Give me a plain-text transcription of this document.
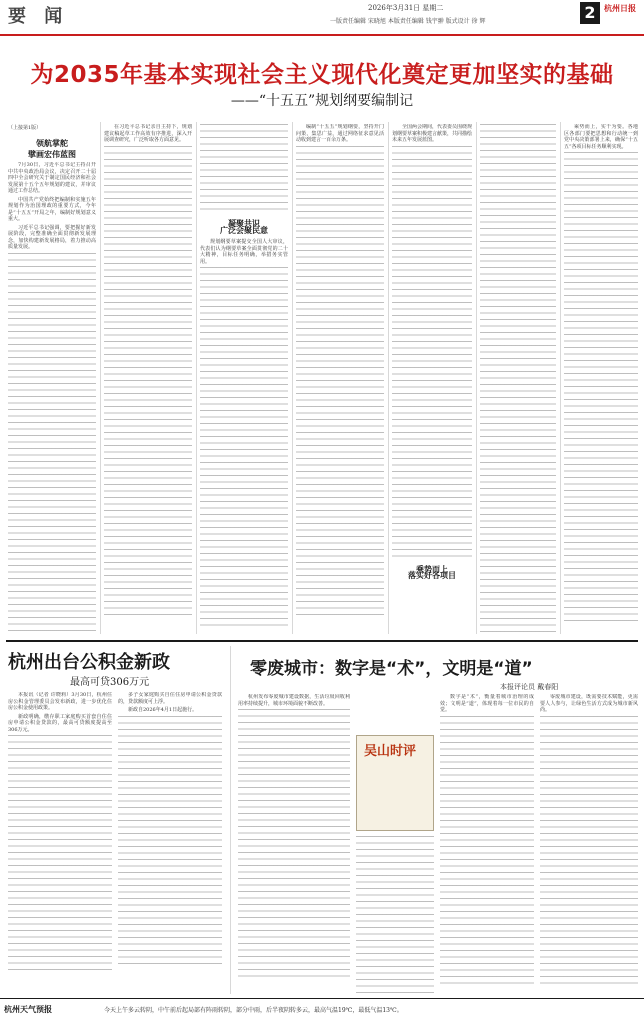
要 闻	2026年3月31日 星期二
一版责任编辑 宋晓旭 本版责任编辑 钱宇翀 版式设计 徐 辉	2	杭州日报
为2035年基本实现社会主义现代化奠定更加坚实的基础
——“十五五”规划纲要编制记
（上接第1版）
领航掌舵
擘画宏伟蓝图

7月30日，习近平总书记主持召开中共中央政治局会议，决定召开二十届四中全会研究关于制定国民经济和社会发展第十五个五年规划的建议，并审议通过工作总结。

中国共产党始终把编制和实施五年规划作为治国理政的重要方式，今年是“十五五”开局之年，编制好规划意义重大。

习近平总书记强调，要把握好新发展阶段，完整准确全面贯彻新发展理念，加快构建新发展格局，着力推动高质量发展。

在习近平总书记亲自主持下，规划建议稿起草工作高效有序推进，深入开展调查研究，广泛听取各方面意见。

凝聚共识
广泛会聚民意

规划纲要草案提交全国人大审议，代表们认为纲要草案全面贯彻党的二十大精神，目标任务明确，举措务实管用。

编制“十五五”规划纲要，坚持开门问策，集思广益，通过网络征求意见活动收到建言一百余万条。

全国两会期间，代表委员围绕规划纲要草案积极建言献策，共同描绘未来五年发展蓝图。

乘势而上
落实好各项目

乘势而上，实干为要。各地区各部门要把思想和行动统一到党中央决策部署上来，确保“十五五”各项目标任务顺利实现。

杭州出台公积金新政
最高可贷306万元

本报讯（记者 许晓莉）3月30日，杭州住房公积金管理委员会发布新政，进一步优化住房公积金使用政策。

新政明确，缴存职工家庭购买首套自住住房申请公积金贷款的，最高可贷额度提高至306万元。

多子女家庭购买自住住房申请公积金贷款的，贷款额度可上浮。

新政自2026年4月1日起施行。

零废城市：数字是“术”，文明是“道”
本报评论员 戴春阳

杭州发布零废城市建设数据，生活垃圾回收利用率持续提升，城市环境面貌不断改善。

吴山时评

数字是“术”，衡量着城市治理的成效；文明是“道”，体现着每一位市民的自觉。

零废城市建设，既需要技术赋能，更需要人人参与，让绿色生活方式成为城市新风尚。

杭州天气预报	今天上午多云转阴，中午前后起局部有阵雨转阴，部分中雨，后半夜阴转多云，最高气温19℃，最低气温13℃。
